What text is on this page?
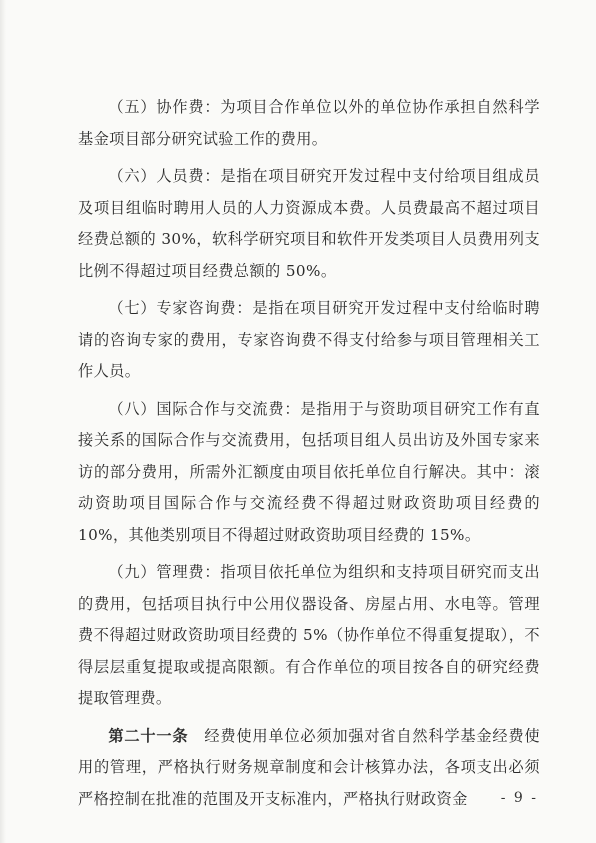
（五）协作费：为项目合作单位以外的单位协作承担自然科学基金项目部分研究试验工作的费用。

（六）人员费：是指在项目研究开发过程中支付给项目组成员及项目组临时聘用人员的人力资源成本费。人员费最高不超过项目经费总额的 30%，软科学研究项目和软件开发类项目人员费用列支比例不得超过项目经费总额的 50%。

（七）专家咨询费：是指在项目研究开发过程中支付给临时聘请的咨询专家的费用，专家咨询费不得支付给参与项目管理相关工作人员。

（八）国际合作与交流费：是指用于与资助项目研究工作有直接关系的国际合作与交流费用，包括项目组人员出访及外国专家来访的部分费用，所需外汇额度由项目依托单位自行解决。其中：滚动资助项目国际合作与交流经费不得超过财政资助项目经费的 10%，其他类别项目不得超过财政资助项目经费的 15%。

（九）管理费：指项目依托单位为组织和支持项目研究而支出的费用，包括项目执行中公用仪器设备、房屋占用、水电等。管理费不得超过财政资助项目经费的 5%（协作单位不得重复提取），不得层层重复提取或提高限额。有合作单位的项目按各自的研究经费提取管理费。

第二十一条　经费使用单位必须加强对省自然科学基金经费使用的管理，严格执行财务规章制度和会计核算办法，各项支出必须严格控制在批准的范围及开支标准内，严格执行财政资金	- 9 -
